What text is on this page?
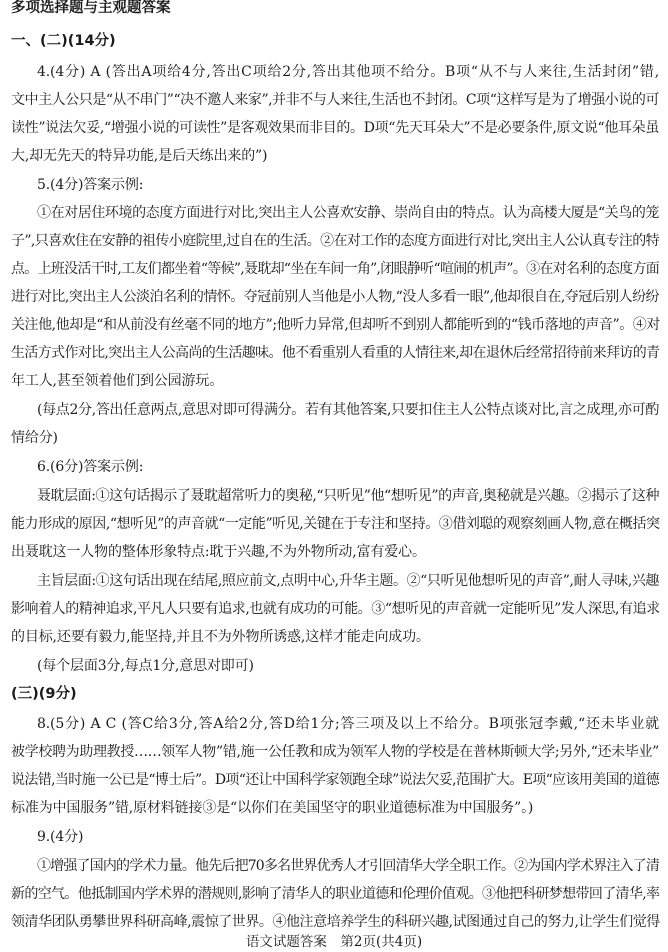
多项选择题与主观题答案
一、(二)(14分)
4.(4分) A (答出A项给4分,答出C项给2分,答出其他项不给分。B项“从不与人来往,生活封闭”错,
文中主人公只是“从不串门”“决不邀人来家”,并非不与人来往,生活也不封闭。C项“这样写是为了增强小说的可
读性”说法欠妥,“增强小说的可读性”是客观效果而非目的。D项“先天耳朵大”不是必要条件,原文说“他耳朵虽
大,却无先天的特异功能,是后天练出来的”)
5.(4分)答案示例:
①在对居住环境的态度方面进行对比,突出主人公喜欢安静、崇尚自由的特点。认为高楼大厦是“关鸟的笼
子”,只喜欢住在安静的祖传小庭院里,过自在的生活。②在对工作的态度方面进行对比,突出主人公认真专注的特
点。上班没活干时,工友们都坐着“等候”,聂耽却“坐在车间一角”,闭眼静听“喧闹的机声”。③在对名利的态度方面
进行对比,突出主人公淡泊名利的情怀。夺冠前别人当他是小人物,“没人多看一眼”,他却很自在,夺冠后别人纷纷
关注他,他却是“和从前没有丝毫不同的地方”;他听力异常,但却听不到别人都能听到的“钱币落地的声音”。④对
生活方式作对比,突出主人公高尚的生活趣味。他不看重别人看重的人情往来,却在退休后经常招待前来拜访的青
年工人,甚至领着他们到公园游玩。
(每点2分,答出任意两点,意思对即可得满分。若有其他答案,只要扣住主人公特点谈对比,言之成理,亦可酌
情给分)
6.(6分)答案示例:
聂耽层面:①这句话揭示了聂耽超常听力的奥秘,“只听见”他“想听见”的声音,奥秘就是兴趣。②揭示了这种
能力形成的原因,“想听见”的声音就“一定能”听见,关键在于专注和坚持。③借刘聪的观察刻画人物,意在概括突
出聂耽这一人物的整体形象特点:耽于兴趣,不为外物所动,富有爱心。
主旨层面:①这句话出现在结尾,照应前文,点明中心,升华主题。②“只听见他想听见的声音”,耐人寻味,兴趣
影响着人的精神追求,平凡人只要有追求,也就有成功的可能。③“想听见的声音就一定能听见”发人深思,有追求
的目标,还要有毅力,能坚持,并且不为外物所诱惑,这样才能走向成功。
(每个层面3分,每点1分,意思对即可)
(三)(9分)
8.(5分) A C (答C给3分,答A给2分,答D给1分;答三项及以上不给分。B项张冠李戴,“还未毕业就
被学校聘为助理教授……领军人物”错,施一公任教和成为领军人物的学校是在普林斯顿大学;另外,“还未毕业”
说法错,当时施一公已是“博士后”。D项“还让中国科学家领跑全球”说法欠妥,范围扩大。E项“应该用美国的道德
标准为中国服务”错,原材料链接③是“以你们在美国坚守的职业道德标准为中国服务”。)
9.(4分)
①增强了国内的学术力量。他先后把70多名世界优秀人才引回清华大学全职工作。②为国内学术界注入了清
新的空气。他抵制国内学术界的潜规则,影响了清华人的职业道德和伦理价值观。③他把科研梦想带回了清华,率
领清华团队勇攀世界科研高峰,震惊了世界。④他注意培养学生的科研兴趣,试图通过自己的努力,让学生们觉得
语文试题答案　第2页(共4页)
